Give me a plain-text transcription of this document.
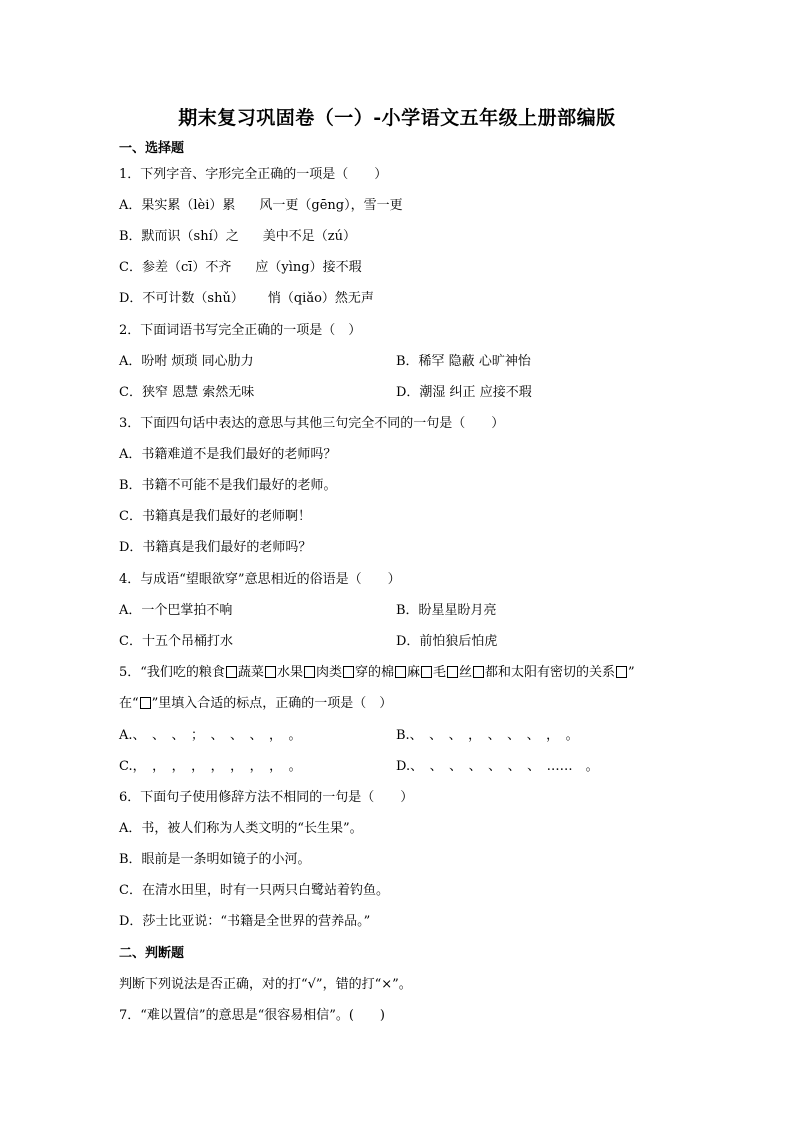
期末复习巩固卷（一）-小学语文五年级上册部编版
一、选择题
1．下列字音、字形完全正确的一项是（　　）
A．果实累（lèi）累 风一更（gēng），雪一更
B．默而识（shí）之 美中不足（zú）
C．参差（cī）不齐 应（yìng）接不瑕
D．不可计数（shǔ） 悄（qiǎo）然无声
2．下面词语书写完全正确的一项是（　）
A．吩咐 烦琐 同心肋力	B．稀罕 隐蔽 心旷神怡
C．狭窄 恩慧 索然无味	D．潮湿 纠正 应接不瑕
3．下面四句话中表达的意思与其他三句完全不同的一句是（　　）
A．书籍难道不是我们最好的老师吗？
B．书籍不可能不是我们最好的老师。
C．书籍真是我们最好的老师啊！
D．书籍真是我们最好的老师吗？
4．与成语“望眼欲穿”意思相近的俗语是（　　）
A．一个巴掌拍不响	B．盼星星盼月亮
C．十五个吊桶打水	D．前怕狼后怕虎
5．“我们吃的粮食 蔬菜 水果 肉类 穿的棉 麻 毛 丝 都和太阳有密切的关系 ”
在“ ”里填入合适的标点，正确的一项是（　）
A.、　、　、　；　、　、　、　，　。	B.、　、　、　，　、　、　、　，　。
C.，　，　，　，　，　，　，　，　。	D.、　、　、　、　、　、　、　……　。
6．下面句子使用修辞方法不相同的一句是（　　）
A．书，被人们称为人类文明的“长生果”。
B．眼前是一条明如镜子的小河。
C．在清水田里，时有一只两只白鹭站着钓鱼。
D．莎士比亚说：“书籍是全世界的营养品。”
二、判断题
判断下列说法是否正确，对的打“√”，错的打“×”。
7．“难以置信”的意思是“很容易相信”。(　　)
